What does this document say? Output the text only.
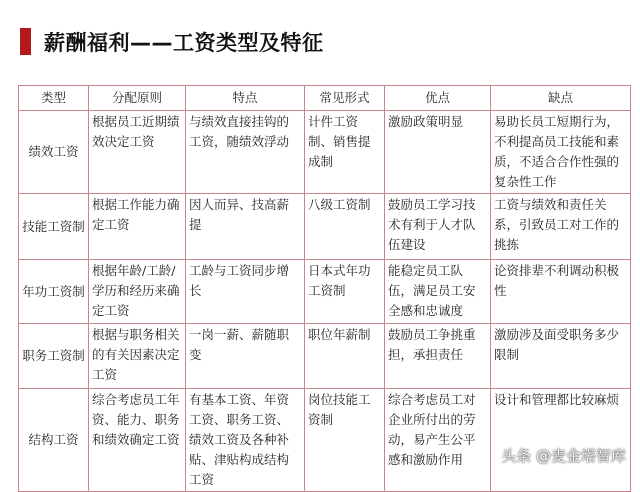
薪酬福利——工资类型及特征
类型	分配原则	特点	常见形式	优点	缺点
绩效工资	根据员工近期绩效决定工资	与绩效直接挂钩的工资，随绩效浮动	计件工资制、销售提成制	激励政策明显	易助长员工短期行为，不利提高员工技能和素质，不适合合作性强的复杂性工作
技能工资制	根据工作能力确定工资	因人而异、技高薪提	八级工资制	鼓励员工学习技术有利于人才队伍建设	工资与绩效和责任关系，引致员工对工作的挑拣
年功工资制	根据年龄/工龄/学历和经历来确定工资	工龄与工资同步增长	日本式年功工资制	能稳定员工队伍，满足员工安全感和忠诚度	论资排辈不利调动积极性
职务工资制	根据与职务相关的有关因素决定工资	一岗一薪、薪随职变	职位年薪制	鼓励员工争挑重担，承担责任	激励涉及面受职务多少限制
结构工资	综合考虑员工年资、能力、职务和绩效确定工资	有基本工资、年资工资、职务工资、绩效工资及各种补贴、津贴构成结构工资	岗位技能工资制	综合考虑员工对企业所付出的劳动，易产生公平感和激励作用	设计和管理都比较麻烦
头条 @麦金塔智库
